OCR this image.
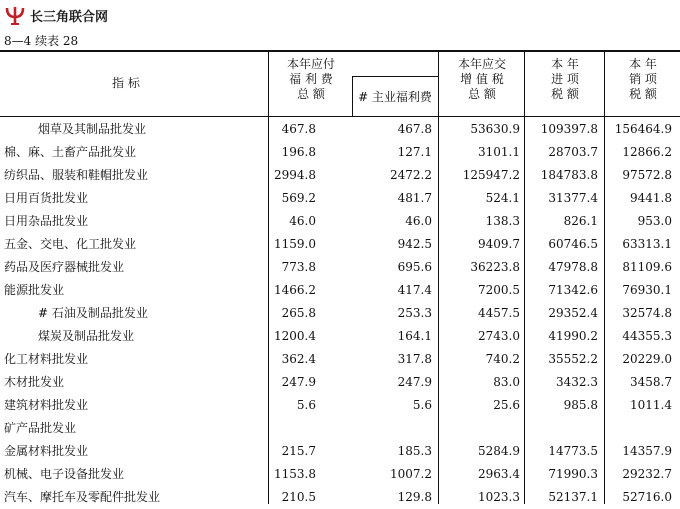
长三角联合网
8—4 续表 28
指 标
本年应付
福 利 费
总 额	# 主业福利费
本年应交
增 值 税
总 额
本 年
进 项
税 额
本 年
销 项
税 额
烟草及其制品批发业	467.8	467.8	53630.9 109397.8 156464.9
棉、麻、土畜产品批发业	196.8	127.1	3101.1 28703.7 12866.2
纺织品、服装和鞋帽批发业	2994.8	2472.2	125947.2 184783.8 97572.8
日用百货批发业	569.2	481.7	524.1 31377.4	9441.8
日用杂品批发业	46.0	46.0	138.3	826.1	953.0
五金、交电、化工批发业	1159.0	942.5	9409.7 60746.5 63313.1
药品及医疗器械批发业	773.8	695.6	36223.8 47978.8 81109.6
能源批发业	1466.2	417.4	7200.5 71342.6 76930.1
# 石油及制品批发业	265.8	253.3	4457.5 29352.4 32574.8
煤炭及制品批发业	1200.4	164.1	2743.0 41990.2 44355.3
化工材料批发业	362.4	317.8	740.2 35552.2 20229.0
木材批发业	247.9	247.9	83.0	3432.3	3458.7
建筑材料批发业	5.6	5.6	25.6	985.8	1011.4
矿产品批发业
金属材料批发业	215.7	185.3	5284.9 14773.5 14357.9
机械、电子设备批发业	1153.8	1007.2	2963.4 71990.3 29232.7
汽车、摩托车及零配件批发业	210.5	129.8	1023.3 52137.1 52716.0
